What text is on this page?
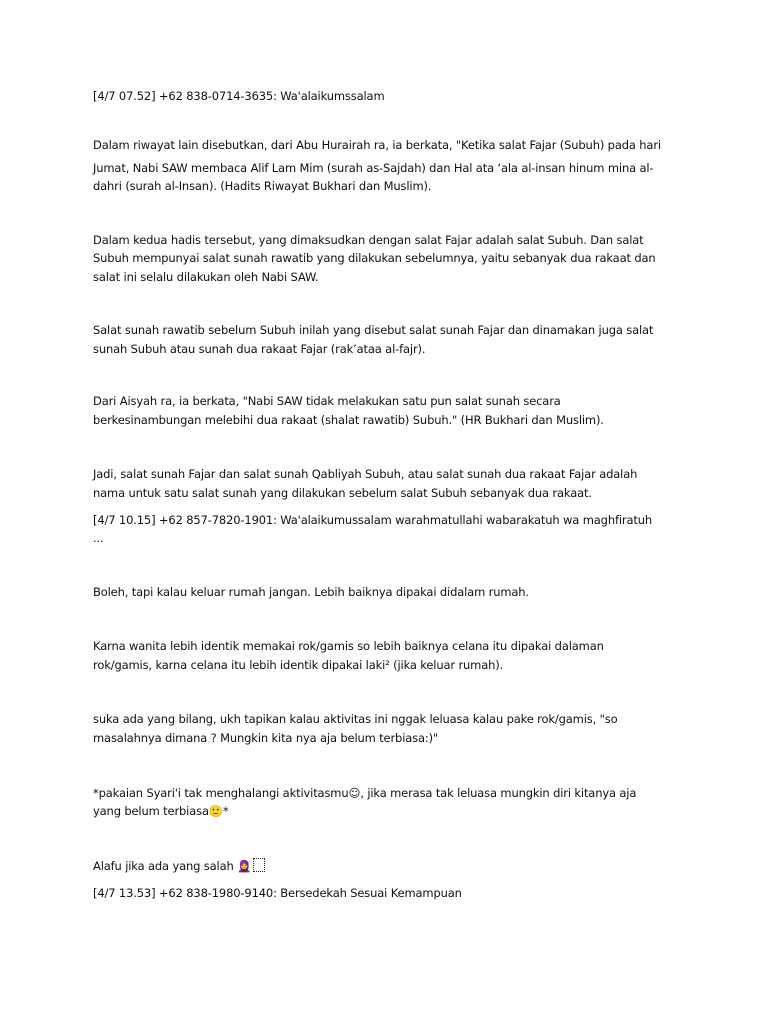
[4/7 07.52] +62 838-0714-3635: Wa'alaikumssalam
Dalam riwayat lain disebutkan, dari Abu Hurairah ra, ia berkata, "Ketika salat Fajar (Subuh) pada hari
Jumat, Nabi SAW membaca Alif Lam Mim (surah as-Sajdah) dan Hal ata ‘ala al-insan hinum mina al-
dahri (surah al-Insan). (Hadits Riwayat Bukhari dan Muslim).
Dalam kedua hadis tersebut, yang dimaksudkan dengan salat Fajar adalah salat Subuh. Dan salat
Subuh mempunyai salat sunah rawatib yang dilakukan sebelumnya, yaitu sebanyak dua rakaat dan
salat ini selalu dilakukan oleh Nabi SAW.
Salat sunah rawatib sebelum Subuh inilah yang disebut salat sunah Fajar dan dinamakan juga salat
sunah Subuh atau sunah dua rakaat Fajar (rak’ataa al-fajr).
Dari Aisyah ra, ia berkata, "Nabi SAW tidak melakukan satu pun salat sunah secara
berkesinambungan melebihi dua rakaat (shalat rawatib) Subuh." (HR Bukhari dan Muslim).
Jadi, salat sunah Fajar dan salat sunah Qabliyah Subuh, atau salat sunah dua rakaat Fajar adalah
nama untuk satu salat sunah yang dilakukan sebelum salat Subuh sebanyak dua rakaat.
[4/7 10.15] +62 857-7820-1901: Wa'alaikumussalam warahmatullahi wabarakatuh wa maghfiratuh
...
Boleh, tapi kalau keluar rumah jangan. Lebih baiknya dipakai didalam rumah.
Karna wanita lebih identik memakai rok/gamis so lebih baiknya celana itu dipakai dalaman
rok/gamis, karna celana itu lebih identik dipakai laki² (jika keluar rumah).
suka ada yang bilang, ukh tapikan kalau aktivitas ini nggak leluasa kalau pake rok/gamis, "so
masalahnya dimana ? Mungkin kita nya aja belum terbiasa:)"
*pakaian Syari'i tak menghalangi aktivitasmu☺, jika merasa tak leluasa mungkin diri kitanya aja
yang belum terbiasa🙂*
Alafu jika ada yang salah 🧕
[4/7 13.53] +62 838-1980-9140: Bersedekah Sesuai Kemampuan
